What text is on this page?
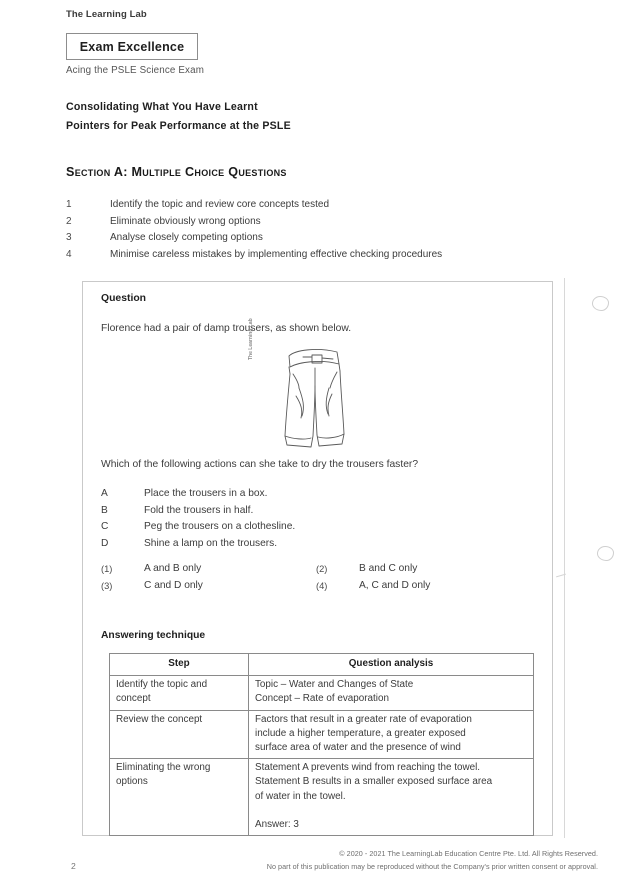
The Learning Lab
Exam Excellence
Acing the PSLE Science Exam
Consolidating What You Have Learnt
Pointers for Peak Performance at the PSLE
Section A: Multiple Choice Questions
1	Identify the topic and review core concepts tested
2	Eliminate obviously wrong options
3	Analyse closely competing options
4	Minimise careless mistakes by implementing effective checking procedures
Question
Florence had a pair of damp trousers, as shown below.
The Learning Lab
Which of the following actions can she take to dry the trousers faster?
A	Place the trousers in a box.
B	Fold the trousers in half.
C	Peg the trousers on a clothesline.
D	Shine a lamp on the trousers.
(1)	A and B only	(2)	B and C only
(3)	C and D only	(4)	A, C and D only
Answering technique
Step	Question analysis
Identify the topic and concept	Topic – Water and Changes of State
Concept – Rate of evaporation

Review the concept	Factors that result in a greater rate of evaporation
include a higher temperature, a greater exposed
surface area of water and the presence of wind

Eliminating the wrong options	Statement A prevents wind from reaching the towel.
Statement B results in a smaller exposed surface area
of water in the towel.
Answer: 3
2
© 2020 - 2021 The LearningLab Education Centre Pte. Ltd. All Rights Reserved.
No part of this publication may be reproduced without the Company's prior written consent or approval.
